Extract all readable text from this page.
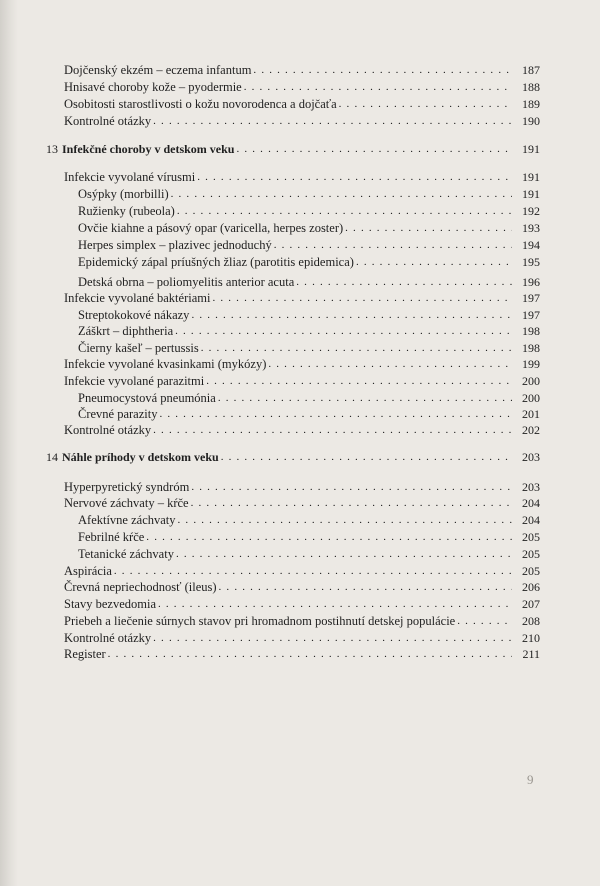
Dojčenský ekzém – eczema infantum . . .	187
Hnisavé choroby kože – pyodermie . . .	188
Osobitosti starostlivosti o kožu novorodenca a dojčaťa . . .	189
Kontrolné otázky . . .	190
13 Infekčné choroby v detskom veku . . .	191
Infekcie vyvolané vírusmi . . .	191
Osýpky (morbilli) . . .	191
Ružienky (rubeola) . . .	192
Ovčie kiahne a pásový opar (varicella, herpes zoster) . . .	193
Herpes simplex – plazivec jednoduchý . . .	194
Epidemický zápal príušných žliaz (parotitis epidemica) . . .	195
Detská obrna – poliomyelitis anterior acuta . . .	196
Infekcie vyvolané baktériami . . .	197
Streptokokové nákazy . . .	197
Záškrt – diphtheria . . .	198
Čierny kašeľ – pertussis . . .	198
Infekcie vyvolané kvasinkami (mykózy) . . .	199
Infekcie vyvolané parazitmi . . .	200
Pneumocystová pneumónia . . .	200
Črevné parazity . . .	201
Kontrolné otázky . . .	202
14 Náhle príhody v detskom veku . . .	203
Hyperpyretický syndróm . . .	203
Nervové záchvaty – kŕče . . .	204
Afektívne záchvaty . . .	204
Febrilné kŕče . . .	205
Tetanické záchvaty . . .	205
Aspirácia . . .	205
Črevná nepriechodnosť (ileus) . . .	206
Stavy bezvedomia . . .	207
Priebeh a liečenie súrnych stavov pri hromadnom postihnutí detskej populácie . . .	208
Kontrolné otázky . . .	210
Register . . .	211
9
